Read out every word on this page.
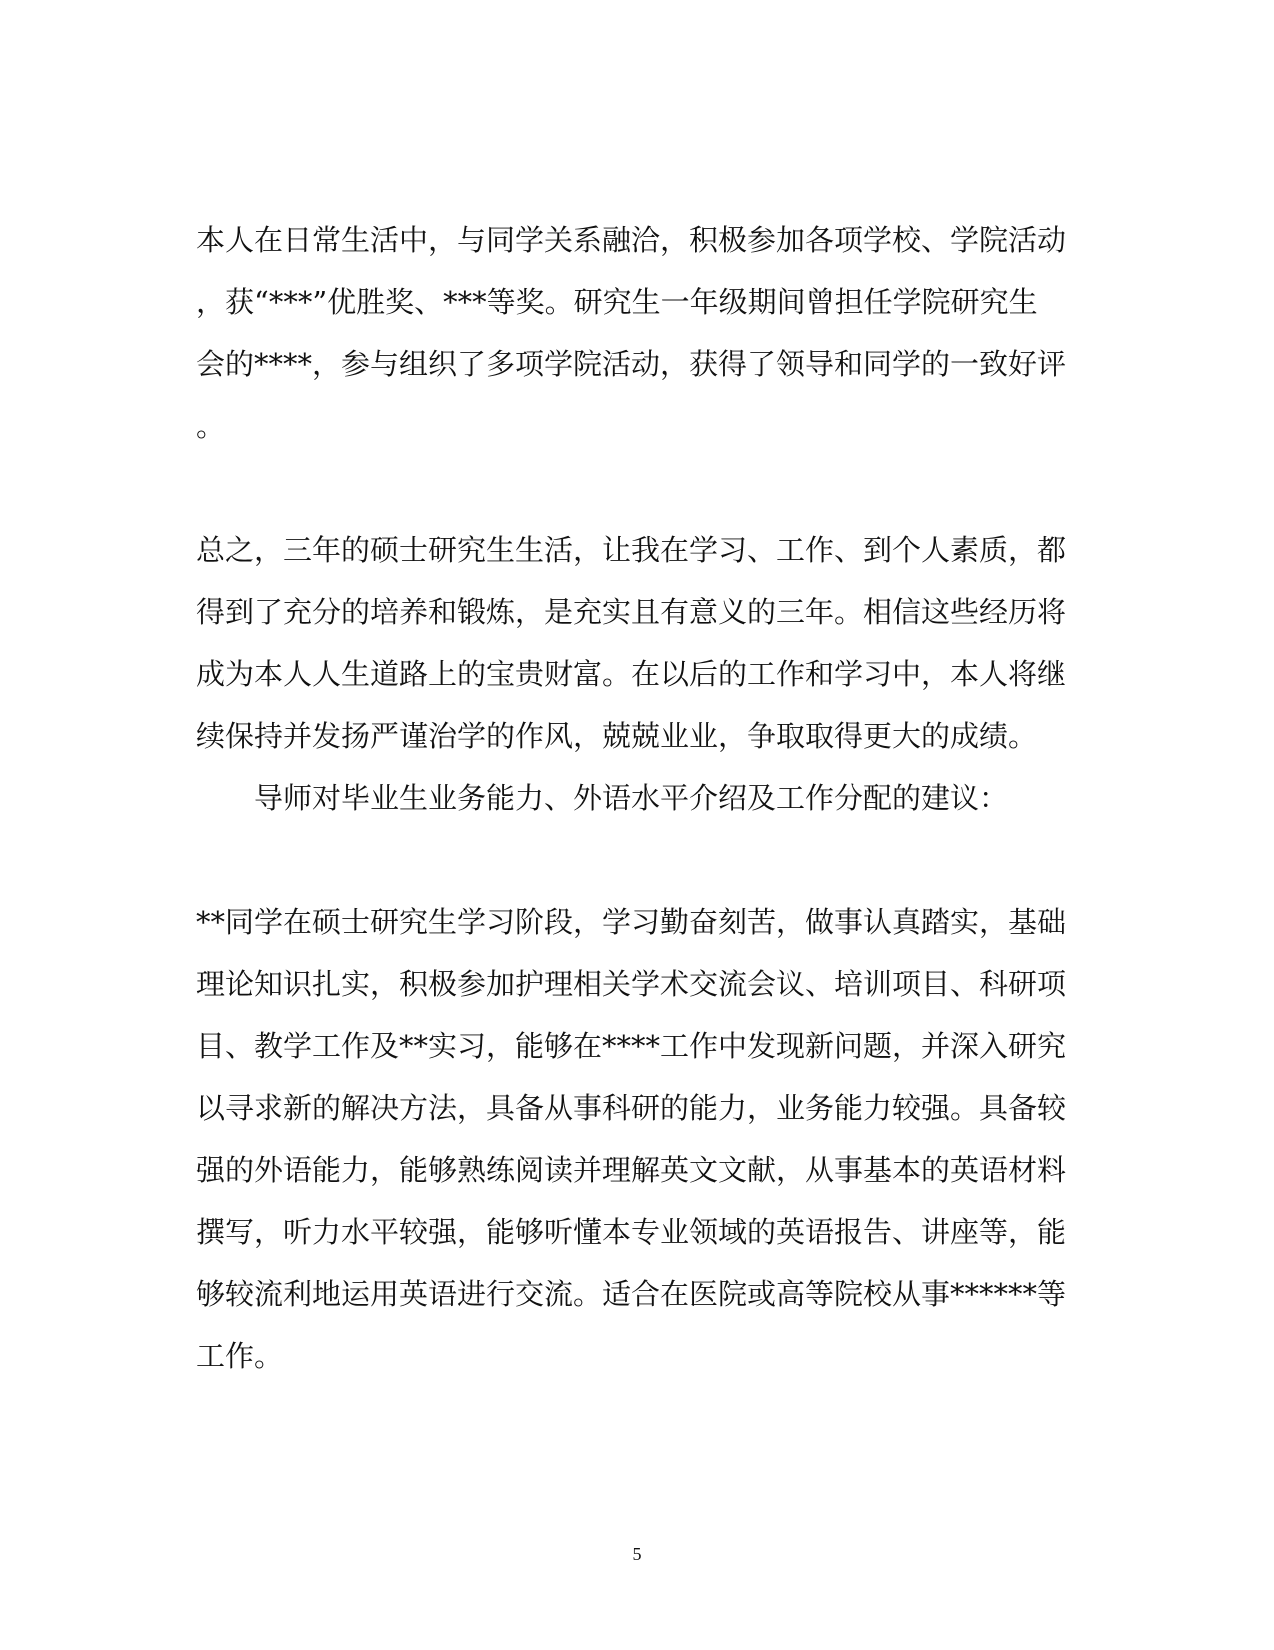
本人在日常生活中，与同学关系融洽，积极参加各项学校、学院活动
，获“***”优胜奖、***等奖。研究生一年级期间曾担任学院研究生
会的****，参与组织了多项学院活动，获得了领导和同学的一致好评
。
总之，三年的硕士研究生生活，让我在学习、工作、到个人素质，都
得到了充分的培养和锻炼，是充实且有意义的三年。相信这些经历将
成为本人人生道路上的宝贵财富。在以后的工作和学习中，本人将继
续保持并发扬严谨治学的作风，兢兢业业，争取取得更大的成绩。
导师对毕业生业务能力、外语水平介绍及工作分配的建议：
**同学在硕士研究生学习阶段，学习勤奋刻苦，做事认真踏实，基础
理论知识扎实，积极参加护理相关学术交流会议、培训项目、科研项
目、教学工作及**实习，能够在****工作中发现新问题，并深入研究
以寻求新的解决方法，具备从事科研的能力，业务能力较强。具备较
强的外语能力，能够熟练阅读并理解英文文献，从事基本的英语材料
撰写，听力水平较强，能够听懂本专业领域的英语报告、讲座等，能
够较流利地运用英语进行交流。适合在医院或高等院校从事******等
工作。
5
